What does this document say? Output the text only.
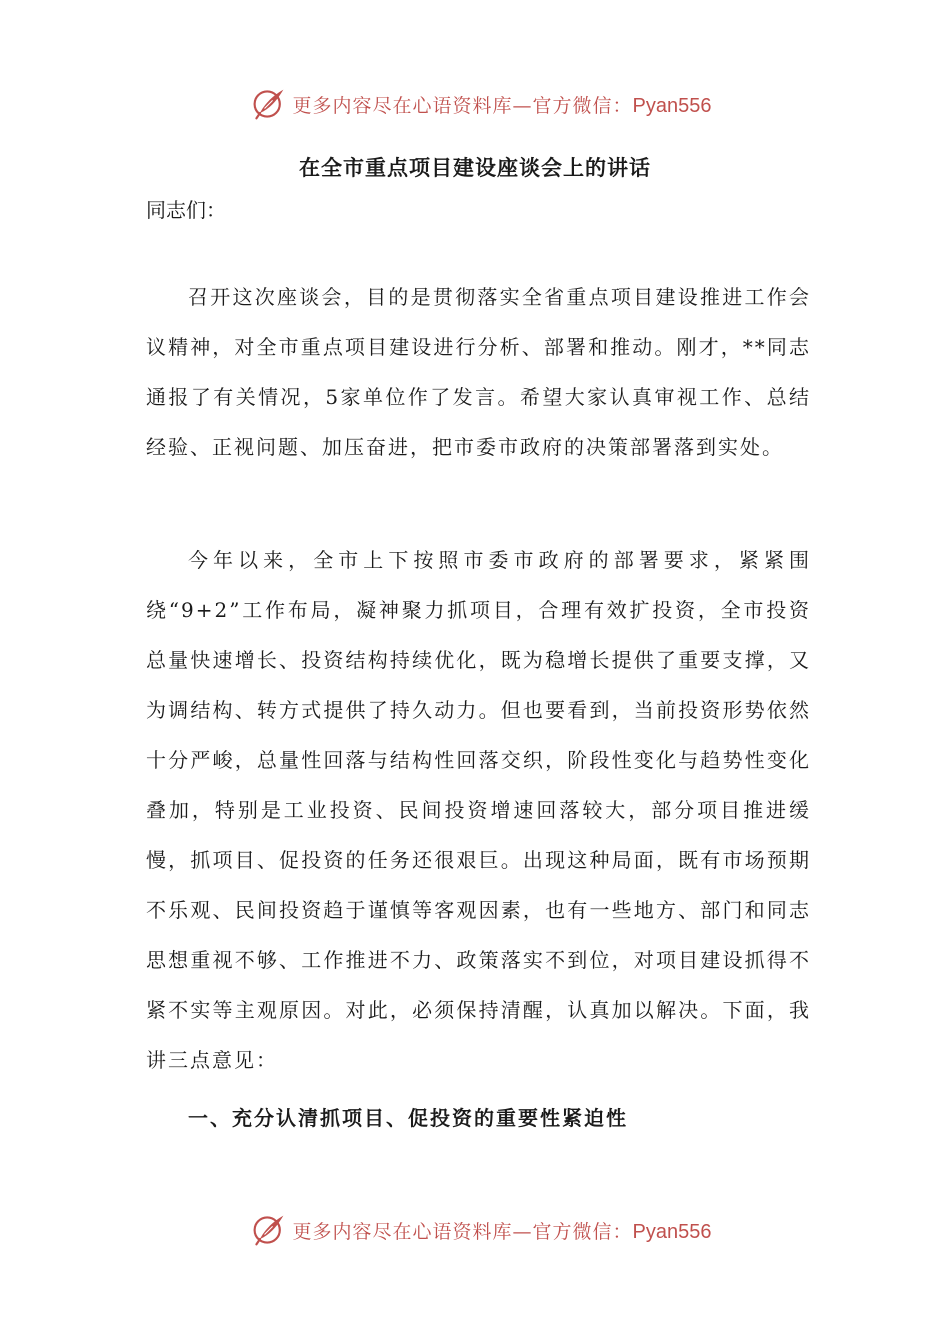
更多内容尽在心语资料库—官方微信：Pyan556
在全市重点项目建设座谈会上的讲话

同志们：

召开这次座谈会，目的是贯彻落实全省重点项目建设推进工作会议精神，对全市重点项目建设进行分析、部署和推动。刚才，**同志通报了有关情况，5家单位作了发言。希望大家认真审视工作、总结经验、正视问题、加压奋进，把市委市政府的决策部署落到实处。

今年以来，全市上下按照市委市政府的部署要求，紧紧围绕“9+2”工作布局，凝神聚力抓项目，合理有效扩投资，全市投资总量快速增长、投资结构持续优化，既为稳增长提供了重要支撑，又为调结构、转方式提供了持久动力。但也要看到，当前投资形势依然十分严峻，总量性回落与结构性回落交织，阶段性变化与趋势性变化叠加，特别是工业投资、民间投资增速回落较大，部分项目推进缓慢，抓项目、促投资的任务还很艰巨。出现这种局面，既有市场预期不乐观、民间投资趋于谨慎等客观因素，也有一些地方、部门和同志思想重视不够、工作推进不力、政策落实不到位，对项目建设抓得不紧不实等主观原因。对此，必须保持清醒，认真加以解决。下面，我讲三点意见：

一、充分认清抓项目、促投资的重要性紧迫性
更多内容尽在心语资料库—官方微信：Pyan556
